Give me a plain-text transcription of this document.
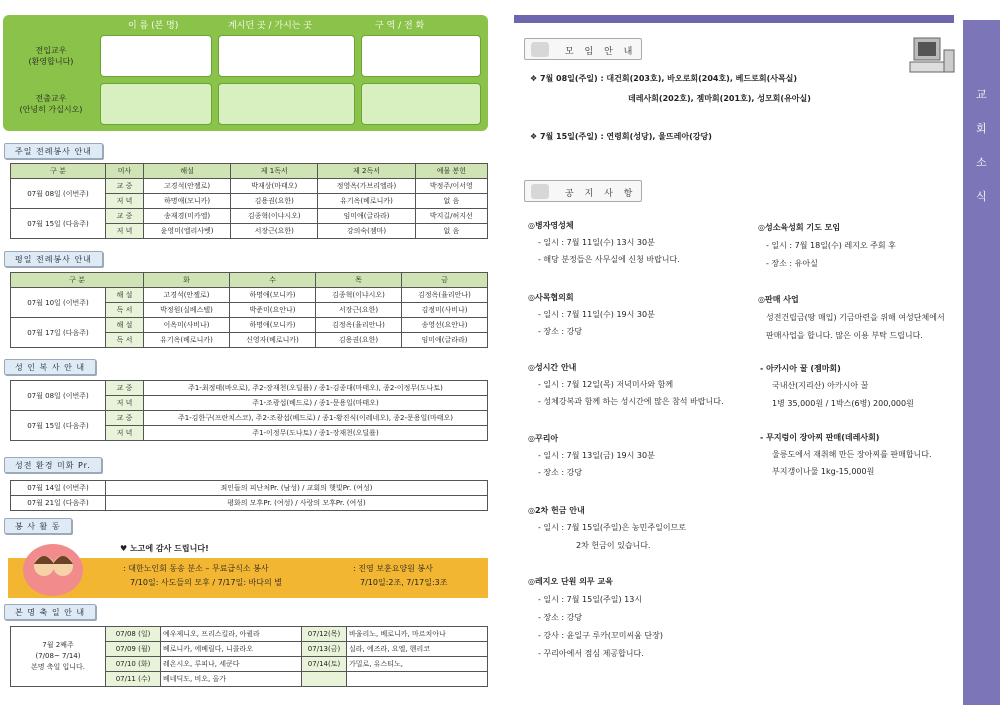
이 름 (본 명)	계시던 곳 / 가시는 곳	구 역 / 전 화
전입교우
(환영합니다)
전출교우
(안녕히 가십시오)
주일 전례봉사 안내
구 분	미사	해설	제 1독서	제 2독서	예물 봉헌
07월 08일 (이번주)	교 중	고경석(안젤로)	박재상(마태오)	정영옥(가브리엘라)	박정주/이서영
	저 녁	하명애(모니카)	김용권(요한)	유기옥(베로니카)	없 음
07월 15일 (다음주)	교 중	송재경(미카엘)	김종혁(이냐시오)	임미애(글라라)	박지길/허지선
	저 녁	윤영미(엘리사벳)	서장근(요한)	강의숙(젬마)	없 음
평일 전례봉사 안내
구 분		화	수	목	금
07월 10일 (이번주)	해 설	고경석(안젤로)	하명애(모니카)	김종혁(이냐시오)	김정옥(율리안나)
	독 서	박정원(실베스텔)	박준미(요안나)	서장근(요한)	김정미(사비나)
07월 17일 (다음주)	해 설	이옥미(사비나)	하명애(모니카)	김정옥(율리안나)	송영선(요안나)
	독 서	유기옥(베로니카)	신영자(베로니카)	김용권(요한)	임미애(글라라)
성 인 복 사 안 내
07월 08일 (이번주)	교 중	주1-최정태(바오로), 주2-장재천(오딜룔) / 종1-김종대(마태오), 종2-이정무(도나토)
	저 녁	주1-조광섭(베드로) / 종1-문용일(마태오)
07월 15일 (다음주)	교 중	주1-김한구(프란치스코), 주2-조광섭(베드로) / 종1-황진식(이레네오), 종2-문용일(마태오)
	저 녁	주1-이정무(도나토) / 종1-장재천(오딜룔)
성전 환경 미화 Pr.
07월 14일 (이번주)	죄인들의 피난처Pr. (남성) / 교회의 햇빛Pr. (여성)
07월 21일 (다음주)	평화의 모후Pr. (여성) / 사랑의 모후Pr. (여성)
봉 사 활 동
♥ 노고에 감사 드립니다!
: 대한노인회 동송 분소 – 무료급식소 봉사
7/10일: 사도들의 모후 / 7/17일: 바다의 별
: 진영 보훈요양원 봉사
7/10일:2조, 7/17일:3조
본 명 축 일 안 내
7월 2째주
(7/08~ 7/14)
본명 축일 입니다.	07/08 (일)	예우제니오, 프리스킬라, 아퀼라	07/12(목)	바울리노, 베로니카, 마르치아나
	07/09 (월)	베로니카, 에베릴다, 니콜라오	07/13(금)	실라, 에즈라, 요엘, 헨리코
	07/10 (화)	레온시오, 루피나, 세쿤다	07/14(토)	가밀로, 유스티노,
	07/11 (수)	베네딕도, 비오, 올가		
교
회
소
식
모 임 안 내
❖ 7월 08일(주일) : 대건회(203호), 바오로회(204호), 베드로회(사목실)
데레사회(202호), 젬마회(201호), 성모회(유아실)
❖ 7월 15일(주일) : 연령회(성당), 울뜨레아(강당)
공 지 사 항
◎병자영성체
- 일시 : 7월 11일(수) 13시 30분
- 해당 분정들은 사무실에 신청 바랍니다.
◎사목협의회
- 일시 : 7월 11일(수) 19시 30분
- 장소 : 강당
◎성시간 안내
- 일시 : 7월 12일(목) 저녁미사와 함께
- 성체강복과 함께 하는 성시간에 많은 참석 바랍니다.
◎꾸리아
- 일시 : 7월 13일(금) 19시 30분
- 장소 : 강당
◎2차 헌금 안내
- 일시 : 7월 15일(주일)은 농민주일이므로
2차 헌금이 있습니다.
◎레지오 단원 의무 교육
- 일시 : 7월 15일(주일) 13시
- 장소 : 강당
- 강사 : 윤일구 루카(꼬미씨움 단장)
- 꾸리아에서 점심 제공합니다.
◎성소육성회 기도 모임
- 일시 : 7월 18일(수) 레지오 주회 후
- 장소 : 유아실
◎판매 사업
성전건립금(땅 매입) 기금마련을 위해 여성단체에서
판매사업을 합니다. 많은 이용 부탁 드립니다.
- 아카시아 꿀 (젬마회)
국내산(지리산) 아카시아 꿀
1병 35,000원 / 1박스(6병) 200,000원
- 무지렁이 장아찌 판매(데레사회)
울릉도에서 재취해 만든 장아찌를 판매합니다.
부지갱이나물 1kg-15,000원
